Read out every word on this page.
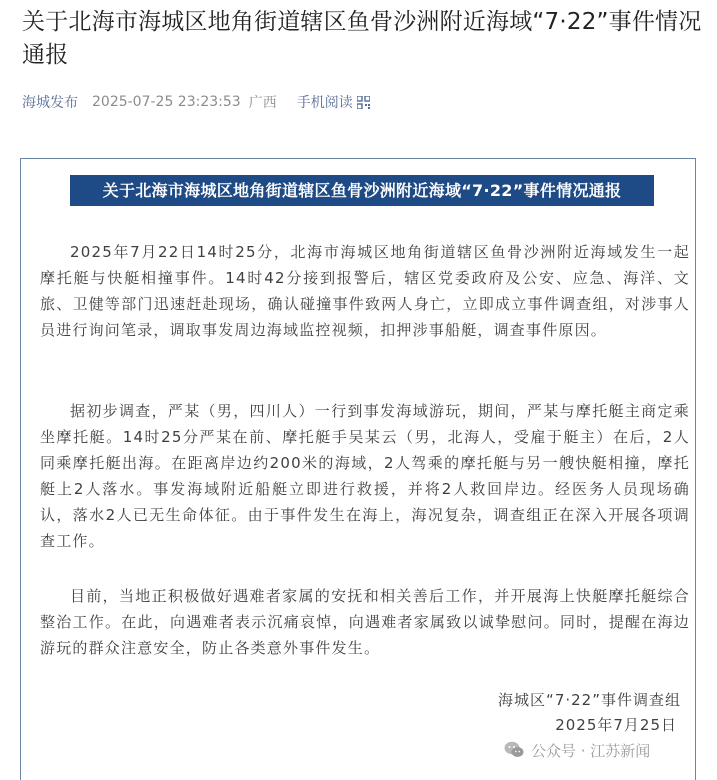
关于北海市海城区地角街道辖区鱼骨沙洲附近海域“7·22”事件情况通报
海城发布 2025-07-25 23:23:53 广西 手机阅读
关于北海市海城区地角街道辖区鱼骨沙洲附近海域“7·22”事件情况通报

2025年7月22日14时25分，北海市海城区地角街道辖区鱼骨沙洲附近海域发生一起摩托艇与快艇相撞事件。14时42分接到报警后，辖区党委政府及公安、应急、海洋、文旅、卫健等部门迅速赶赴现场，确认碰撞事件致两人身亡，立即成立事件调查组，对涉事人员进行询问笔录，调取事发周边海域监控视频，扣押涉事船艇，调查事件原因。

据初步调查，严某（男，四川人）一行到事发海域游玩，期间，严某与摩托艇主商定乘坐摩托艇。14时25分严某在前、摩托艇手吴某云（男，北海人，受雇于艇主）在后，2人同乘摩托艇出海。在距离岸边约200米的海域，2人驾乘的摩托艇与另一艘快艇相撞，摩托艇上2人落水。事发海域附近船艇立即进行救援，并将2人救回岸边。经医务人员现场确认，落水2人已无生命体征。由于事件发生在海上，海况复杂，调查组正在深入开展各项调查工作。

目前，当地正积极做好遇难者家属的安抚和相关善后工作，并开展海上快艇摩托艇综合整治工作。在此，向遇难者表示沉痛哀悼，向遇难者家属致以诚挚慰问。同时，提醒在海边游玩的群众注意安全，防止各类意外事件发生。

海城区“7·22”事件调查组
2025年7月25日
公众号 · 江苏新闻
